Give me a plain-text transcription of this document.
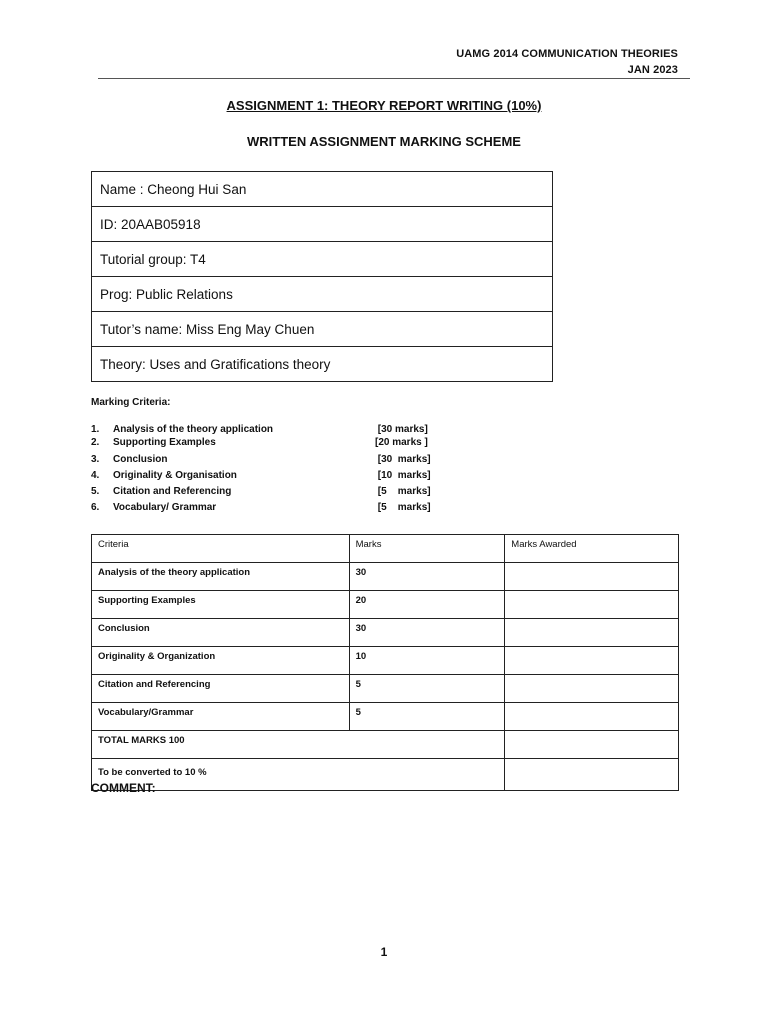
UAMG 2014 COMMUNICATION THEORIES
JAN 2023
ASSIGNMENT 1: THEORY REPORT WRITING (10%)
WRITTEN ASSIGNMENT MARKING SCHEME
Name : Cheong Hui San
ID: 20AAB05918
Tutorial group: T4
Prog: Public Relations
Tutor’s name: Miss Eng May Chuen
Theory: Uses and Gratifications theory
Marking Criteria:
1. Analysis of the theory application	[30 marks]
2. Supporting Examples	[20 marks ]
3. Conclusion	[30  marks]
4. Originality & Organisation	[10  marks]
5. Citation and Referencing	[5    marks]
6. Vocabulary/ Grammar	[5    marks]
Criteria	Marks	Marks Awarded
Analysis of the theory application	30	
Supporting Examples	20	
Conclusion	30	
Originality & Organization	10	
Citation and Referencing	5	
Vocabulary/Grammar	5	
TOTAL MARKS 100		
To be converted to 10 %		
COMMENT:
1
